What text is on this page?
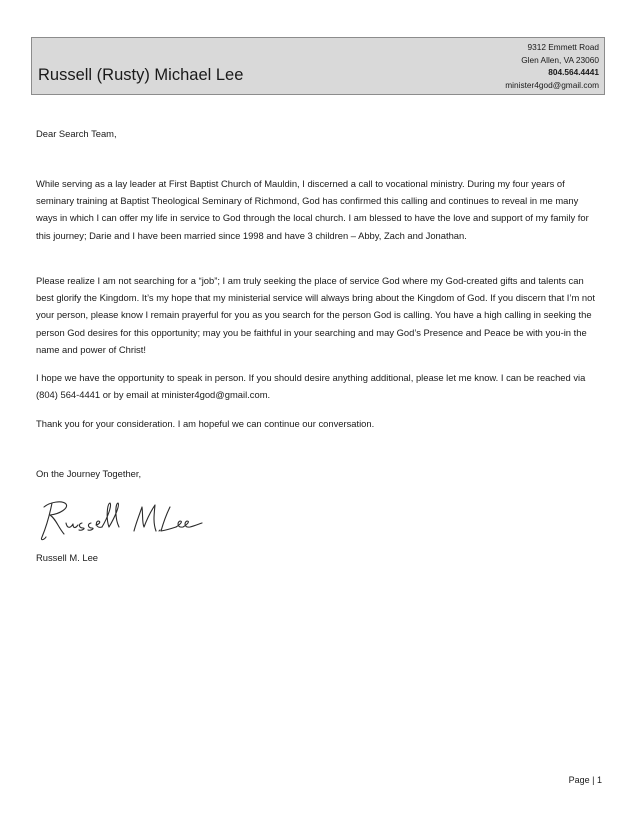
Russell (Rusty) Michael Lee
9312 Emmett Road
Glen Allen, VA 23060
804.564.4441
minister4god@gmail.com

Dear Search Team,

While serving as a lay leader at First Baptist Church of Mauldin, I discerned a call to vocational ministry. During my four years of seminary training at Baptist Theological Seminary of Richmond, God has confirmed this calling and continues to reveal in me many ways in which I can offer my life in service to God through the local church. I am blessed to have the love and support of my family for this journey; Darie and I have been married since 1998 and have 3 children – Abby, Zach and Jonathan.

Please realize I am not searching for a “job”; I am truly seeking the place of service God where my God-created gifts and talents can best glorify the Kingdom. It’s my hope that my ministerial service will always bring about the Kingdom of God. If you discern that I’m not your person, please know I remain prayerful for you as you search for the person God is calling. You have a high calling in seeking the person God desires for this opportunity; may you be faithful in your searching and may God’s Presence and Peace be with you-in the name and power of Christ!

I hope we have the opportunity to speak in person. If you should desire anything additional, please let me know. I can be reached via (804) 564-4441 or by email at minister4god@gmail.com.

Thank you for your consideration. I am hopeful we can continue our conversation.

On the Journey Together,

Russell M. Lee

Page | 1
